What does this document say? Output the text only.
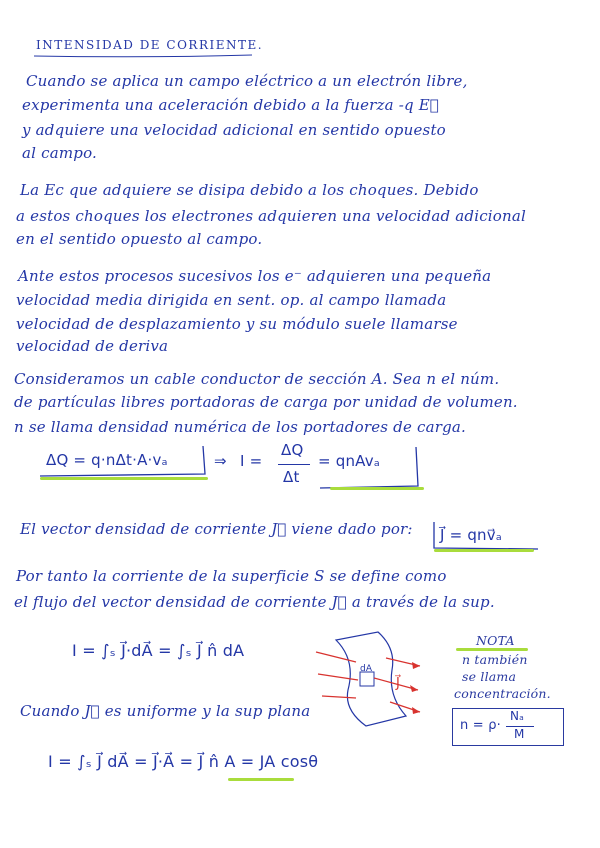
INTENSIDAD DE CORRIENTE.
Cuando se aplica un campo eléctrico a un electrón libre,
experimenta una aceleración debido a la fuerza -q E⃗
y adquiere una velocidad adicional en sentido opuesto
al campo.
La Ec que adquiere se disipa debido a los choques. Debido
a estos choques los electrones adquieren una velocidad adicional
en el sentido opuesto al campo.
Ante estos procesos sucesivos los e⁻ adquieren una pequeña
velocidad media dirigida en sent. op. al campo llamada
velocidad de desplazamiento y su módulo suele llamarse
velocidad de deriva
Consideramos un cable conductor de sección A. Sea n el núm.
de partículas libres portadoras de carga por unidad de volumen.
n se llama densidad numérica de los portadores de carga.
ΔQ = q·nΔt·A·vₐ	⇒ I =
ΔQ
Δt
= qnAvₐ
El vector densidad de corriente J⃗ viene dado por: J⃗ = qnv⃗ₐ
Por tanto la corriente de la superficie S se define como
el flujo del vector densidad de corriente J⃗ a través de la sup.
I = ∫ₛ J⃗·dA⃗ = ∫ₛ J⃗ n̂ dA
dA
J⃗
NOTA
n también
se llama
concentración.
n = ρ·
Nₐ
M
Cuando J⃗ es uniforme y la sup plana
I = ∫ₛ J⃗ dA⃗ = J⃗·A⃗ = J⃗ n̂ A = JA cosθ
